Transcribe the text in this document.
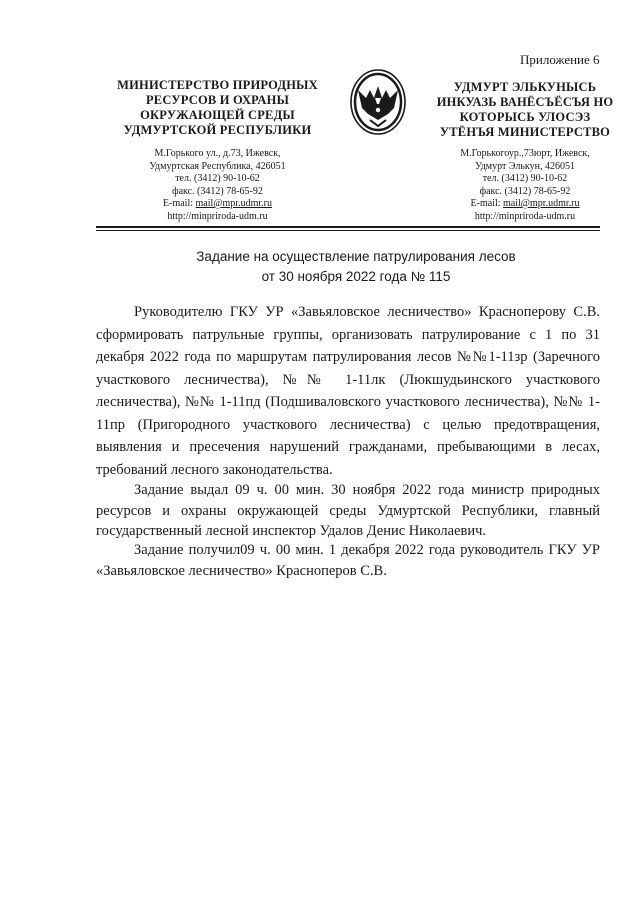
Приложение 6
МИНИСТЕРСТВО ПРИРОДНЫХ
РЕСУРСОВ И ОХРАНЫ
ОКРУЖАЮЩЕЙ СРЕДЫ
УДМУРТСКОЙ РЕСПУБЛИКИ
УДМУРТ ЭЛЬКУНЫСЬ
ИНКУАЗЬ ВАНЁСЪЁСЪЯ НО
КОТОРЫСЬ УЛОСЭЗ
УТЁНЪЯ МИНИСТЕРСТВО
М.Горького ул., д.73, Ижевск,
Удмуртская Республика, 426051
тел. (3412) 90-10-62
факс. (3412) 78-65-92
E-mail: mail@mpr.udmr.ru
http://minpriroda-udm.ru
М.Горькогоур.,73юрт, Ижевск,
Удмурт Элькун, 426051
тел. (3412) 90-10-62
факс. (3412) 78-65-92
E-mail: mail@mpr.udmr.ru
http://minpriroda-udm.ru
Задание на осуществление патрулирования лесов
от 30 ноября 2022 года № 115
Руководителю ГКУ УР «Завьяловское лесничество» Красноперову С.В. сформировать патрульные группы, организовать патрулирование с 1 по 31 декабря 2022 года по маршрутам патрулирования лесов №№1-11зр (Заречного участкового лесничества), №№ 1-11лк (Люкшудьинского участкового лесничества), №№ 1-11пд (Подшиваловского участкового лесничества), №№ 1-11пр (Пригородного участкового лесничества) с целью предотвращения, выявления и пресечения нарушений гражданами, пребывающими в лесах, требований лесного законодательства.
Задание выдал 09 ч. 00 мин. 30 ноября 2022 года министр природных ресурсов и охраны окружающей среды Удмуртской Республики, главный государственный лесной инспектор Удалов Денис Николаевич.
Задание получил09 ч. 00 мин. 1 декабря 2022 года руководитель ГКУ УР «Завьяловское лесничество» Красноперов С.В.
